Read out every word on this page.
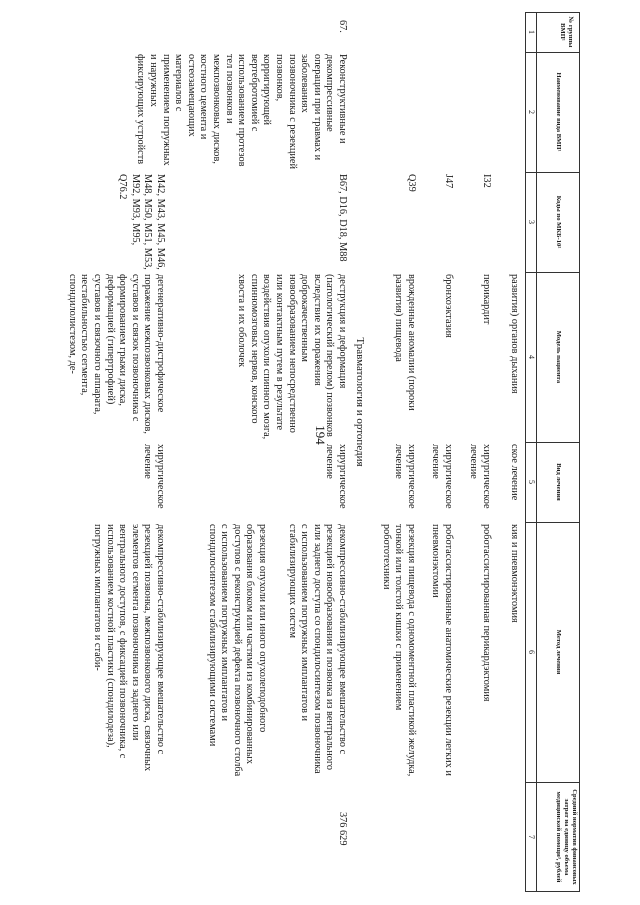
194
№ группы ВМП¹
Наименование вида ВМП¹
Коды по МКБ-10²
Модель пациента
Вид лечения
Метод лечения
Средний норматив финансовых затрат на единицу объема медицинской помощи³, рублей
1
2
3
4
5
6
7
развития) органов дыхания
ское лечение
кия и пневмонэктомия
I32
перикардит
хирургическое лечение
роботассистированная перикардэктомия
J47
бронхоэктазия
хирургическое лечение
роботассистированные анатомические резекции легких и пневмонэктомии
Q39
врожденные аномалии (пороки развития) пищевода
хирургическое лечение
резекция пищевода с одномоментной пластикой желудка, тонкой или толстой кишки с применением робототехники
Травматология и ортопедия
67.
Реконструктивные и декомпрессивные операции при травмах и заболеваниях позвоночника с резекцией позвонков, корригирующей вертебротомией с использованием протезов тел позвонков и межпозвонковых дисков, костного цемента и остеозамещающих материалов с применением погружных и наружных фиксирующих устройств
376 629
B67, D16, D18, M88
деструкция и деформация (патологический перелом) позвонков вследствие их поражения доброкачественным новообразованием непосредственно или контактным путем в результате воздействия опухоли спинного мозга, спинномозговых нервов, конского хвоста и их оболочек
хирургическое лечение
декомпрессивно-стабилизирующее вмешательство с резекцией новообразования и позвонка из вентрального или заднего доступа со спондилосинтезом позвоночника с использованием погружных имплантатов и стабилизирующих систем
резекция опухоли или иного опухолеподобного образования блоком или частями из комбинированных доступов с реконструкцией дефекта позвоночного столба с использованием погружных имплантатов и спондилосинтезом стабилизирующими системами
M42, M43, M45, M46, M48, M50, M51, M53, M92, M93, M95, Q76.2
дегенеративно-дистрофическое поражение межпозвонковых дисков, суставов и связок позвоночника с формированием грыжи диска, деформацией (гипертрофией) суставов и связочного аппарата, нестабильностью сегмента, спондилолистезом, де-
хирургическое лечение
декомпрессивно-стабилизирующее вмешательство с резекцией позвонка, межпозвонкового диска, связочных элементов сегмента позвоночника из заднего или вентрального доступов, с фиксацией позвоночника, с использованием костной пластики (спондилодеза), погружных имплантатов и стаби-
